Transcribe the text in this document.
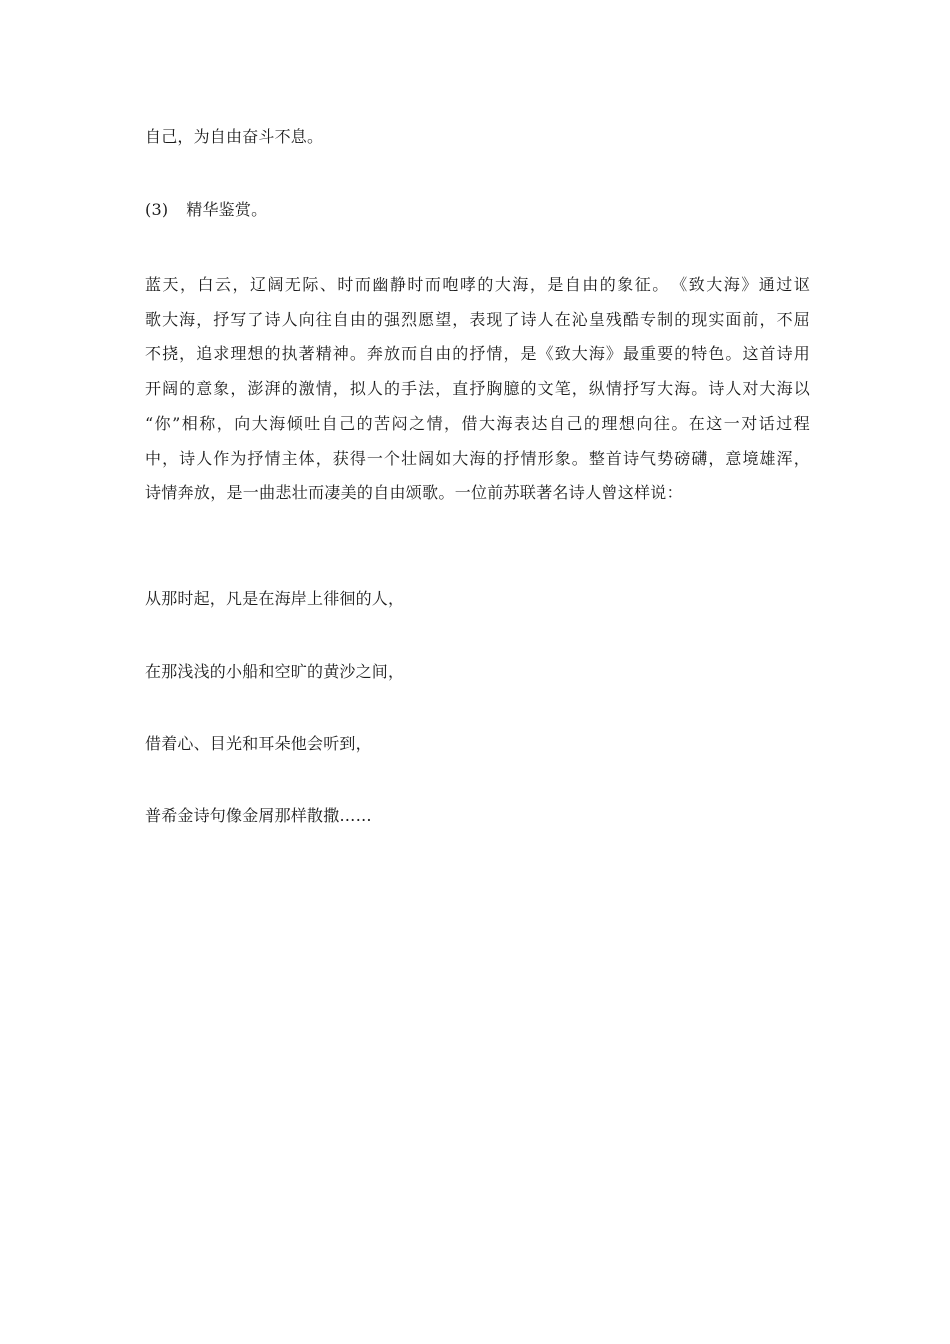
自己，为自由奋斗不息。
(3) 精华鉴赏。
蓝天，白云，辽阔无际、时而幽静时而咆哮的大海，是自由的象征。　《致大海》通过讴
歌大海，抒写了诗人向往自由的强烈愿望，表现了诗人在沁皇残酷专制的现实面前，不屈
不挠，追求理想的执著精神。奔放而自由的抒情，是《致大海》最重要的特色。这首诗用
开阔的意象，澎湃的激情，拟人的手法，直抒胸臆的文笔，纵情抒写大海。诗人对大海以
“你”相称，向大海倾吐自己的苦闷之情，借大海表达自己的理想向往。在这一对话过程
中，诗人作为抒情主体，获得一个壮阔如大海的抒情形象。整首诗气势磅礴，意境雄浑，
诗情奔放，是一曲悲壮而凄美的自由颂歌。一位前苏联著名诗人曾这样说：
从那时起，凡是在海岸上徘徊的人，
在那浅浅的小船和空旷的黄沙之间，
借着心、目光和耳朵他会听到，
普希金诗句像金屑那样散撒……
